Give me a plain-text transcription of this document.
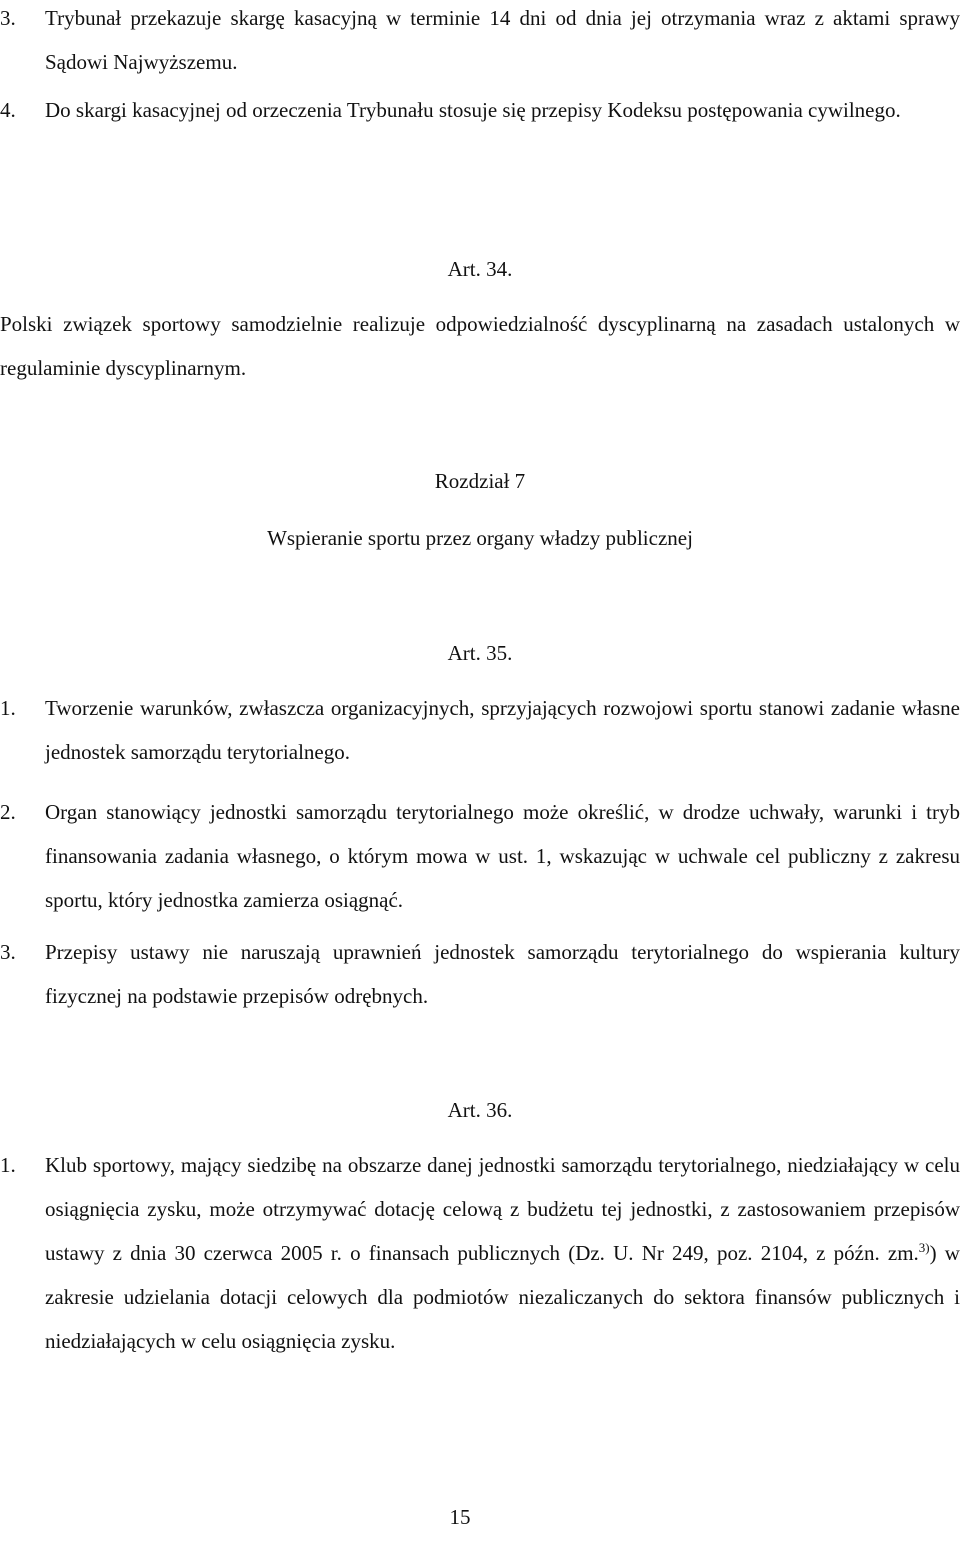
3. Trybunał przekazuje skargę kasacyjną w terminie 14 dni od dnia jej otrzymania wraz z aktami sprawy Sądowi Najwyższemu.
4. Do skargi kasacyjnej od orzeczenia Trybunału stosuje się przepisy Kodeksu postępowania cywilnego.
Art. 34.
Polski związek sportowy samodzielnie realizuje odpowiedzialność dyscyplinarną na zasadach ustalonych w regulaminie dyscyplinarnym.
Rozdział 7
Wspieranie sportu przez organy władzy publicznej
Art. 35.
1. Tworzenie warunków, zwłaszcza organizacyjnych, sprzyjających rozwojowi sportu stanowi zadanie własne jednostek samorządu terytorialnego.
2. Organ stanowiący jednostki samorządu terytorialnego może określić, w drodze uchwały, warunki i tryb finansowania zadania własnego, o którym mowa w ust. 1, wskazując w uchwale cel publiczny z zakresu sportu, który jednostka zamierza osiągnąć.
3. Przepisy ustawy nie naruszają uprawnień jednostek samorządu terytorialnego do wspierania kultury fizycznej na podstawie przepisów odrębnych.
Art. 36.
1. Klub sportowy, mający siedzibę na obszarze danej jednostki samorządu terytorialnego, niedziałający w celu osiągnięcia zysku, może otrzymywać dotację celową z budżetu tej jednostki, z zastosowaniem przepisów ustawy z dnia 30 czerwca 2005 r. o finansach publicznych (Dz. U. Nr 249, poz. 2104, z późn. zm.$^{3)}$) w zakresie udzielania dotacji celowych dla podmiotów niezaliczanych do sektora finansów publicznych i niedziałających w celu osiągnięcia zysku.
15
